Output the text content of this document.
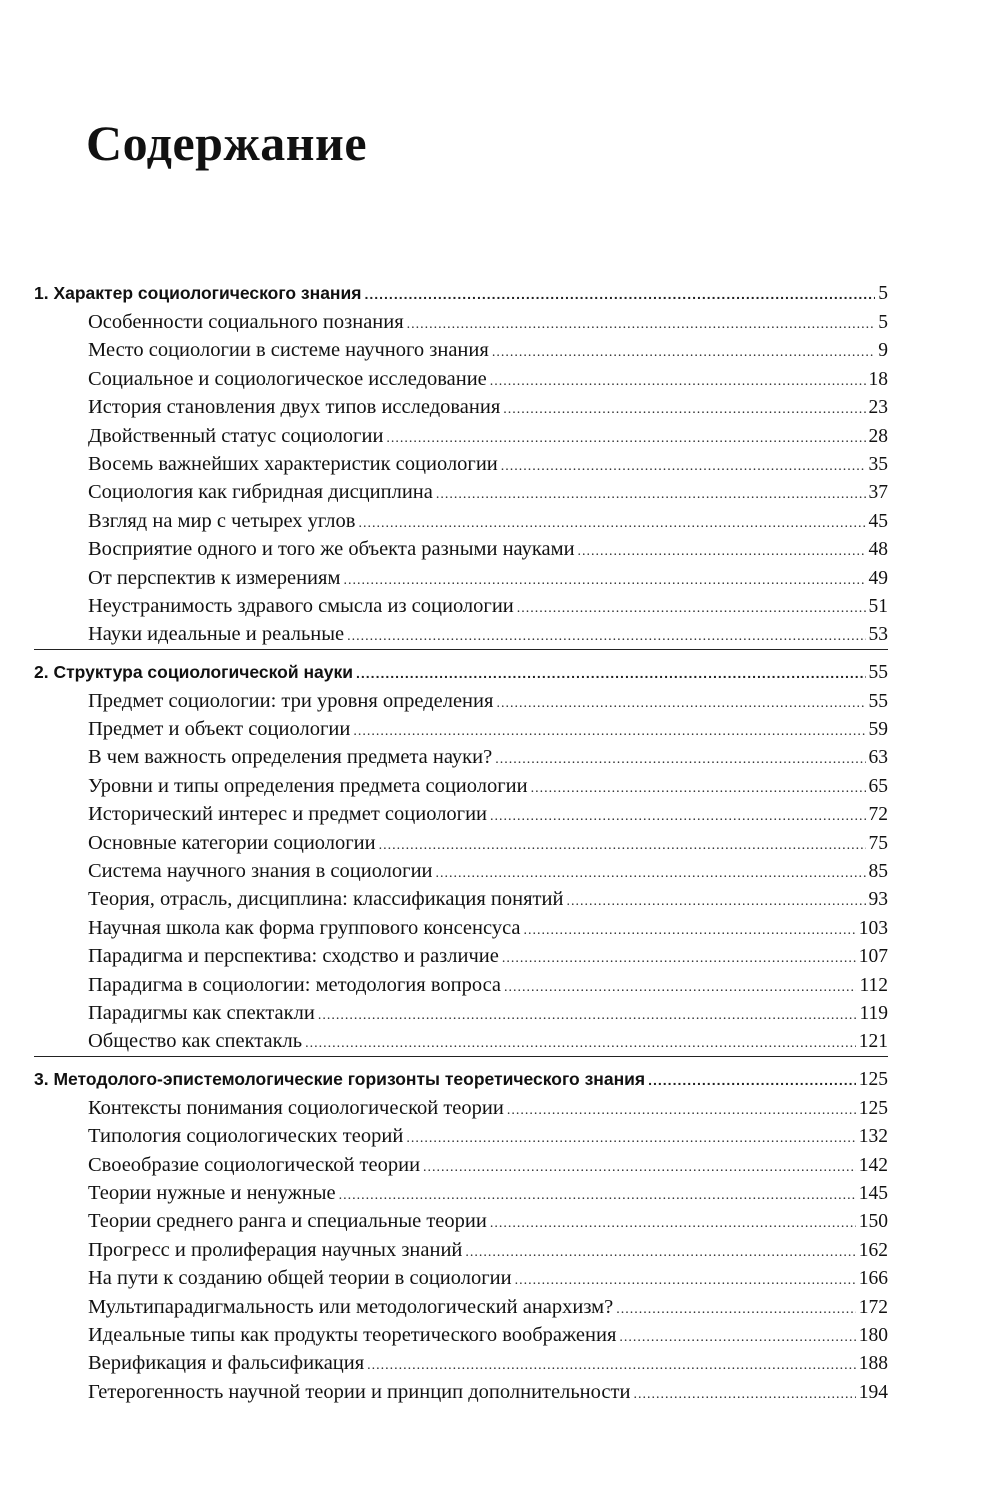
Содержание
1. Характер социологического знания .....	5
Особенности социального познания .....	5
Место социологии в системе научного знания .....	9
Социальное и социологическое исследование .....	18
История становления двух типов исследования .....	23
Двойственный статус социологии .....	28
Восемь важнейших характеристик социологии .....	35
Социология как гибридная дисциплина .....	37
Взгляд на мир с четырех углов .....	45
Восприятие одного и того же объекта разными науками .....	48
От перспектив к измерениям .....	49
Неустранимость здравого смысла из социологии .....	51
Науки идеальные и реальные .....	53
2. Структура социологической науки .....	55
Предмет социологии: три уровня определения .....	55
Предмет и объект социологии .....	59
В чем важность определения предмета науки? .....	63
Уровни и типы определения предмета социологии .....	65
Исторический интерес и предмет социологии .....	72
Основные категории социологии .....	75
Система научного знания в социологии .....	85
Теория, отрасль, дисциплина: классификация понятий .....	93
Научная школа как форма группового консенсуса .....	103
Парадигма и перспектива: сходство и различие .....	107
Парадигма в социологии: методология вопроса .....	112
Парадигмы как спектакли .....	119
Общество как спектакль .....	121
3. Методолого-эпистемологические горизонты теоретического знания .....	125
Контексты понимания социологической теории .....	125
Типология социологических теорий .....	132
Своеобразие социологической теории .....	142
Теории нужные и ненужные .....	145
Теории среднего ранга и специальные теории .....	150
Прогресс и пролиферация научных знаний .....	162
На пути к созданию общей теории в социологии .....	166
Мультипарадигмальность или методологический анархизм? .....	172
Идеальные типы как продукты теоретического воображения .....	180
Верификация и фальсификация .....	188
Гетерогенность научной теории и принцип дополнительности .....	194
